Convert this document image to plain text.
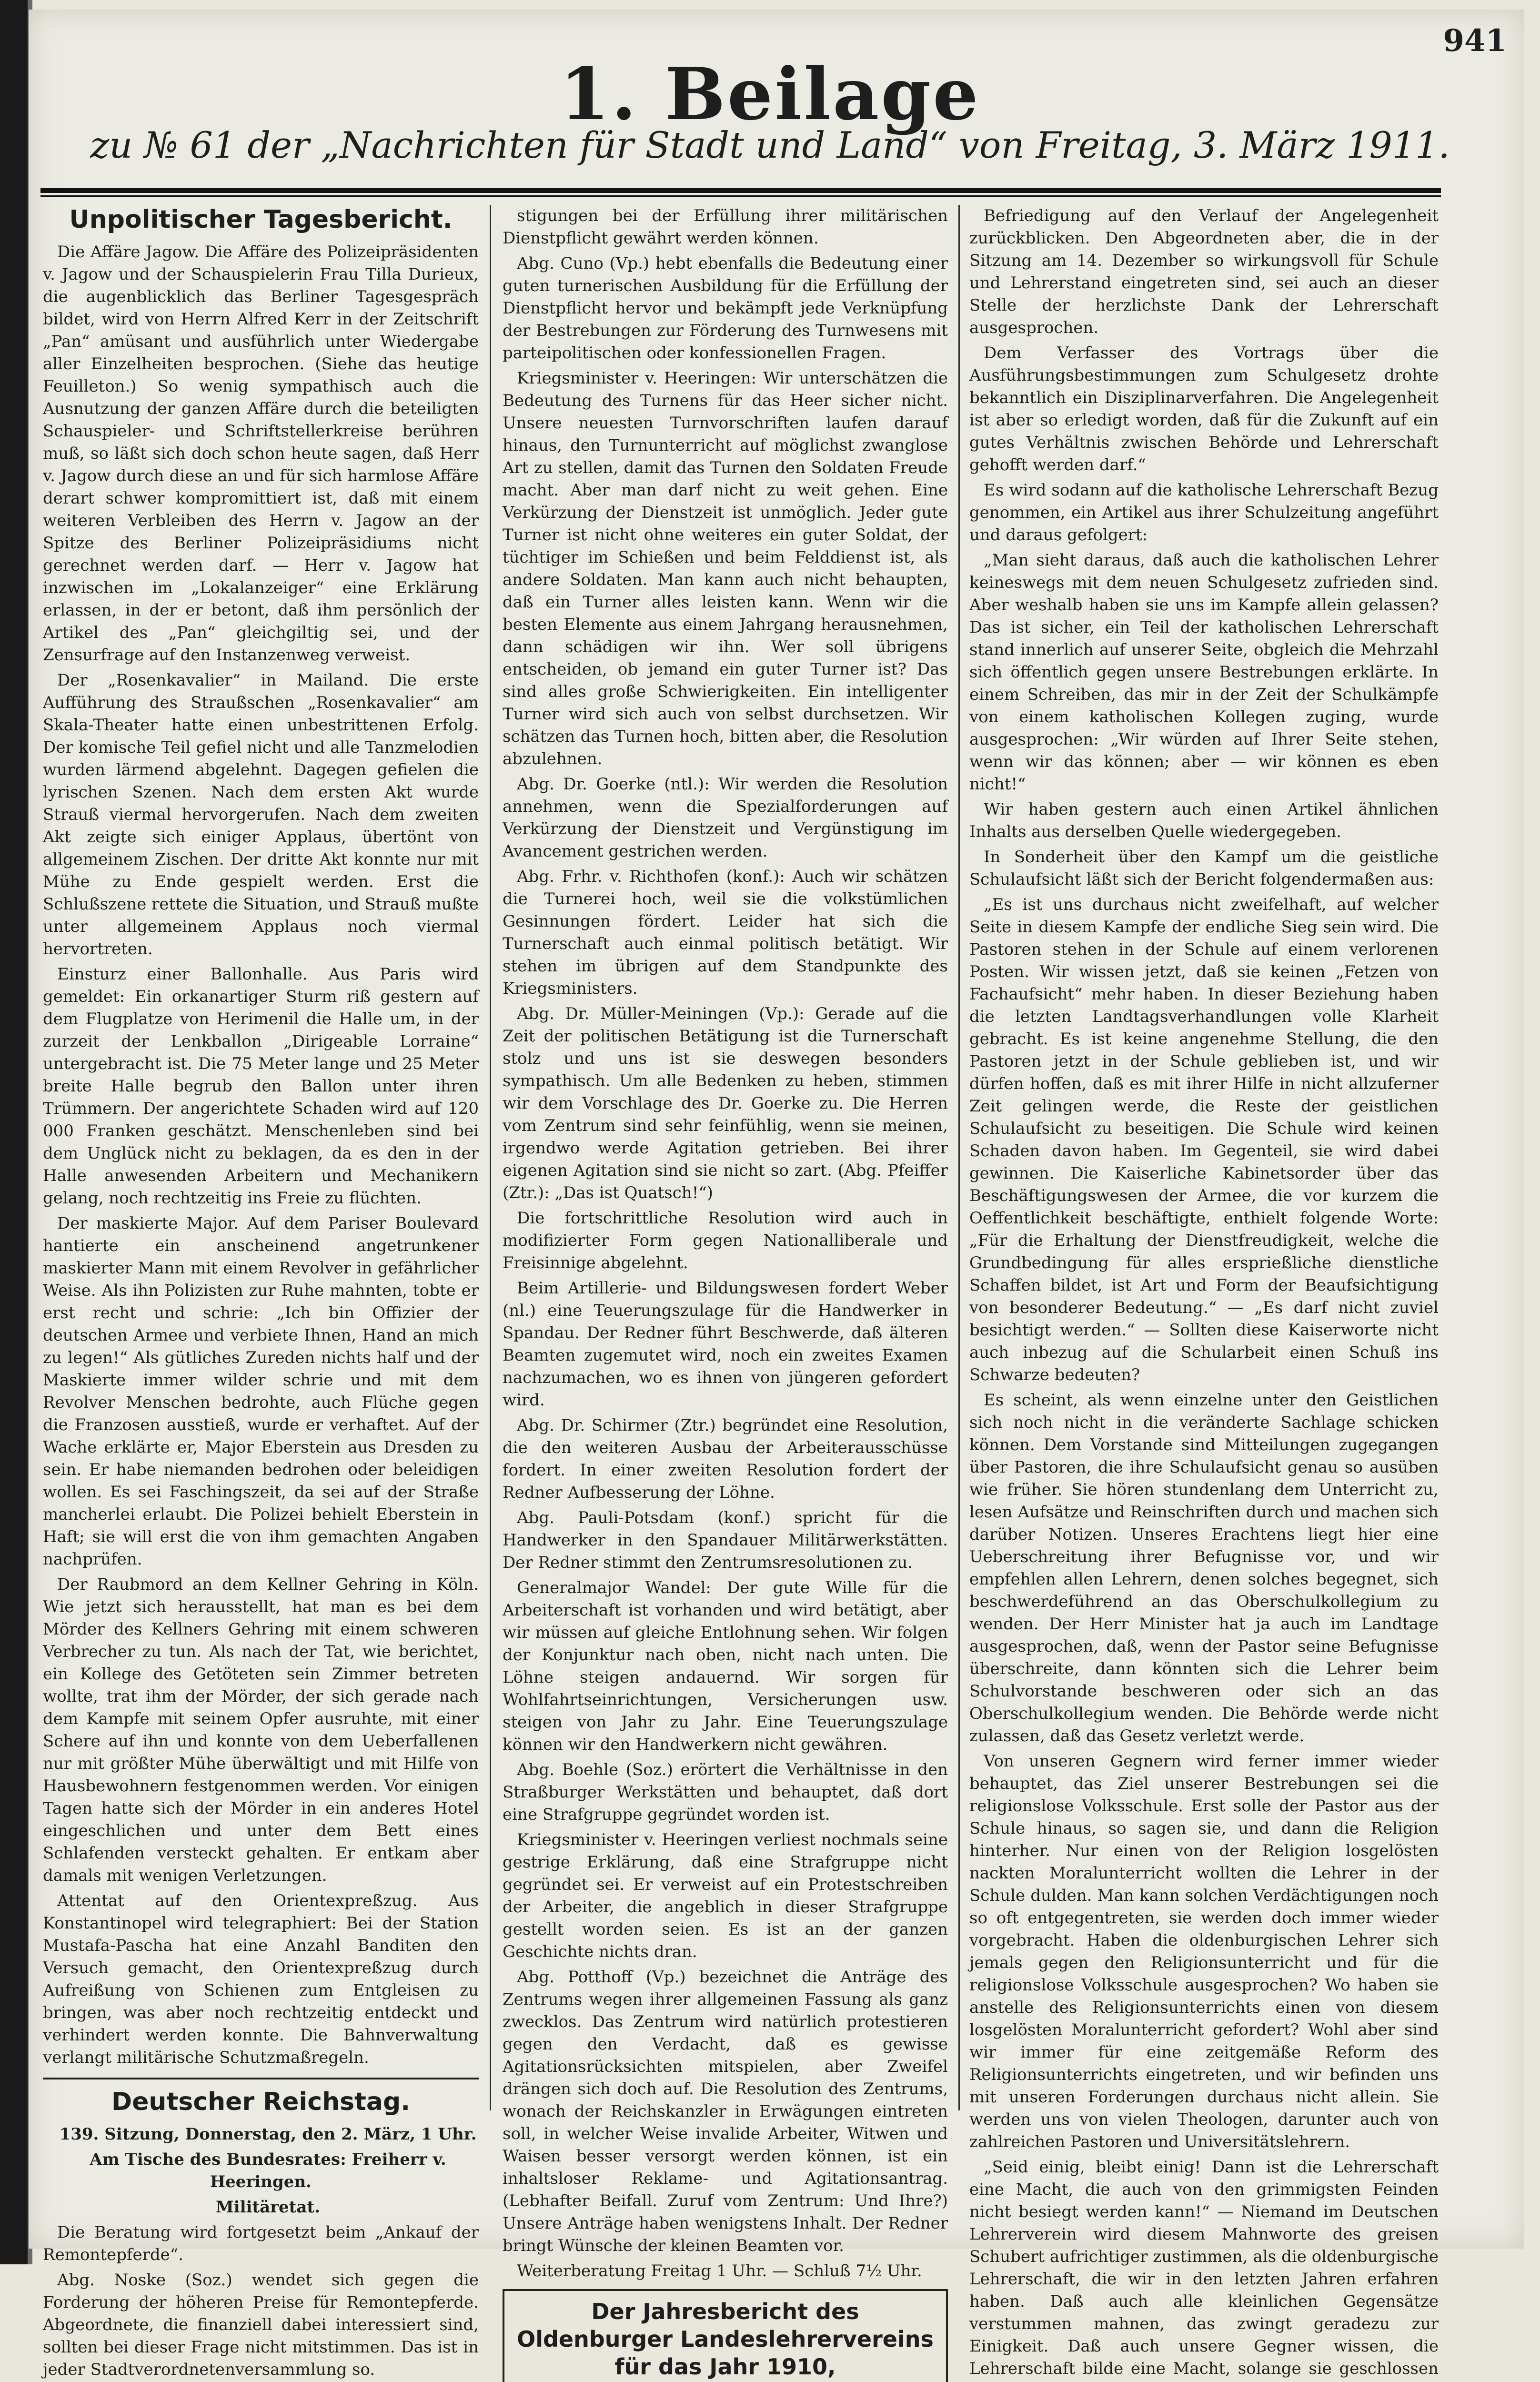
941
1. Beilage
zu № 61 der „Nachrichten für Stadt und Land“ von Freitag, 3. März 1911.
Unpolitischer Tagesbericht.

Die Affäre Jagow. Die Affäre des Polizeipräsidenten v. Jagow und der Schauspielerin Frau Tilla Durieux, die augenblicklich das Berliner Tagesgespräch bildet, wird von Herrn Alfred Kerr in der Zeitschrift „Pan“ amüsant und ausführlich unter Wiedergabe aller Einzelheiten besprochen. (Siehe das heutige Feuilleton.) So wenig sympathisch auch die Ausnutzung der ganzen Affäre durch die beteiligten Schauspieler- und Schriftstellerkreise berühren muß, so läßt sich doch schon heute sagen, daß Herr v. Jagow durch diese an und für sich harmlose Affäre derart schwer kompromittiert ist, daß mit einem weiteren Verbleiben des Herrn v. Jagow an der Spitze des Berliner Polizeipräsidiums nicht gerechnet werden darf. — Herr v. Jagow hat inzwischen im „Lokalanzeiger“ eine Erklärung erlassen, in der er betont, daß ihm persönlich der Artikel des „Pan“ gleichgiltig sei, und der Zensurfrage auf den Instanzenweg verweist.

Der „Rosenkavalier“ in Mailand. Die erste Aufführung des Straußschen „Rosenkavalier“ am Skala-Theater hatte einen unbestrittenen Erfolg. Der komische Teil gefiel nicht und alle Tanzmelodien wurden lärmend abgelehnt. Dagegen gefielen die lyrischen Szenen. Nach dem ersten Akt wurde Strauß viermal hervorgerufen. Nach dem zweiten Akt zeigte sich einiger Applaus, übertönt von allgemeinem Zischen. Der dritte Akt konnte nur mit Mühe zu Ende gespielt werden. Erst die Schlußszene rettete die Situation, und Strauß mußte unter allgemeinem Applaus noch viermal hervortreten.

Einsturz einer Ballonhalle. Aus Paris wird gemeldet: Ein orkanartiger Sturm riß gestern auf dem Flugplatze von Herimenil die Halle um, in der zurzeit der Lenkballon „Dirigeable Lorraine“ untergebracht ist. Die 75 Meter lange und 25 Meter breite Halle begrub den Ballon unter ihren Trümmern. Der angerichtete Schaden wird auf 120 000 Franken geschätzt. Menschenleben sind bei dem Unglück nicht zu beklagen, da es den in der Halle anwesenden Arbeitern und Mechanikern gelang, noch rechtzeitig ins Freie zu flüchten.

Der maskierte Major. Auf dem Pariser Boulevard hantierte ein anscheinend angetrunkener maskierter Mann mit einem Revolver in gefährlicher Weise. Als ihn Polizisten zur Ruhe mahnten, tobte er erst recht und schrie: „Ich bin Offizier der deutschen Armee und verbiete Ihnen, Hand an mich zu legen!“ Als gütliches Zureden nichts half und der Maskierte immer wilder schrie und mit dem Revolver Menschen bedrohte, auch Flüche gegen die Franzosen ausstieß, wurde er verhaftet. Auf der Wache erklärte er, Major Eberstein aus Dresden zu sein. Er habe niemanden bedrohen oder beleidigen wollen. Es sei Faschingszeit, da sei auf der Straße mancherlei erlaubt. Die Polizei behielt Eberstein in Haft; sie will erst die von ihm gemachten Angaben nachprüfen.

Der Raubmord an dem Kellner Gehring in Köln. Wie jetzt sich herausstellt, hat man es bei dem Mörder des Kellners Gehring mit einem schweren Verbrecher zu tun. Als nach der Tat, wie berichtet, ein Kollege des Getöteten sein Zimmer betreten wollte, trat ihm der Mörder, der sich gerade nach dem Kampfe mit seinem Opfer ausruhte, mit einer Schere auf ihn und konnte von dem Ueberfallenen nur mit größter Mühe überwältigt und mit Hilfe von Hausbewohnern festgenommen werden. Vor einigen Tagen hatte sich der Mörder in ein anderes Hotel eingeschlichen und unter dem Bett eines Schlafenden versteckt gehalten. Er entkam aber damals mit wenigen Verletzungen.

Attentat auf den Orientexpreßzug. Aus Konstantinopel wird telegraphiert: Bei der Station Mustafa-Pascha hat eine Anzahl Banditen den Versuch gemacht, den Orientexpreßzug durch Aufreißung von Schienen zum Entgleisen zu bringen, was aber noch rechtzeitig entdeckt und verhindert werden konnte. Die Bahnverwaltung verlangt militärische Schutzmaßregeln.

Deutscher Reichstag.

139. Sitzung, Donnerstag, den 2. März, 1 Uhr.

Am Tische des Bundesrates: Freiherr v. Heeringen.

Militäretat.

Die Beratung wird fortgesetzt beim „Ankauf der Remontepferde“.

Abg. Noske (Soz.) wendet sich gegen die Forderung der höheren Preise für Remontepferde. Abgeordnete, die finanziell dabei interessiert sind, sollten bei dieser Frage nicht mitstimmen. Das ist in jeder Stadtverordnetenversammlung so.

stigungen bei der Erfüllung ihrer militärischen Dienstpflicht gewährt werden können.

Abg. Cuno (Vp.) hebt ebenfalls die Bedeutung einer guten turnerischen Ausbildung für die Erfüllung der Dienstpflicht hervor und bekämpft jede Verknüpfung der Bestrebungen zur Förderung des Turnwesens mit parteipolitischen oder konfessionellen Fragen.

Kriegsminister v. Heeringen: Wir unterschätzen die Bedeutung des Turnens für das Heer sicher nicht. Unsere neuesten Turnvorschriften laufen darauf hinaus, den Turnunterricht auf möglichst zwanglose Art zu stellen, damit das Turnen den Soldaten Freude macht. Aber man darf nicht zu weit gehen. Eine Verkürzung der Dienstzeit ist unmöglich. Jeder gute Turner ist nicht ohne weiteres ein guter Soldat, der tüchtiger im Schießen und beim Felddienst ist, als andere Soldaten. Man kann auch nicht behaupten, daß ein Turner alles leisten kann. Wenn wir die besten Elemente aus einem Jahrgang herausnehmen, dann schädigen wir ihn. Wer soll übrigens entscheiden, ob jemand ein guter Turner ist? Das sind alles große Schwierigkeiten. Ein intelligenter Turner wird sich auch von selbst durchsetzen. Wir schätzen das Turnen hoch, bitten aber, die Resolution abzulehnen.

Abg. Dr. Goerke (ntl.): Wir werden die Resolution annehmen, wenn die Spezialforderungen auf Verkürzung der Dienstzeit und Vergünstigung im Avancement gestrichen werden.

Abg. Frhr. v. Richthofen (konf.): Auch wir schätzen die Turnerei hoch, weil sie die volkstümlichen Gesinnungen fördert. Leider hat sich die Turnerschaft auch einmal politisch betätigt. Wir stehen im übrigen auf dem Standpunkte des Kriegsministers.

Abg. Dr. Müller-Meiningen (Vp.): Gerade auf die Zeit der politischen Betätigung ist die Turnerschaft stolz und uns ist sie deswegen besonders sympathisch. Um alle Bedenken zu heben, stimmen wir dem Vorschlage des Dr. Goerke zu. Die Herren vom Zentrum sind sehr feinfühlig, wenn sie meinen, irgendwo werde Agitation getrieben. Bei ihrer eigenen Agitation sind sie nicht so zart. (Abg. Pfeiffer (Ztr.): „Das ist Quatsch!“)

Die fortschrittliche Resolution wird auch in modifizierter Form gegen Nationalliberale und Freisinnige abgelehnt.

Beim Artillerie- und Bildungswesen fordert Weber (nl.) eine Teuerungszulage für die Handwerker in Spandau. Der Redner führt Beschwerde, daß älteren Beamten zugemutet wird, noch ein zweites Examen nachzumachen, wo es ihnen von jüngeren gefordert wird.

Abg. Dr. Schirmer (Ztr.) begründet eine Resolution, die den weiteren Ausbau der Arbeiterausschüsse fordert. In einer zweiten Resolution fordert der Redner Aufbesserung der Löhne.

Abg. Pauli-Potsdam (konf.) spricht für die Handwerker in den Spandauer Militärwerkstätten. Der Redner stimmt den Zentrumsresolutionen zu.

Generalmajor Wandel: Der gute Wille für die Arbeiterschaft ist vorhanden und wird betätigt, aber wir müssen auf gleiche Entlohnung sehen. Wir folgen der Konjunktur nach oben, nicht nach unten. Die Löhne steigen andauernd. Wir sorgen für Wohlfahrtseinrichtungen, Versicherungen usw. steigen von Jahr zu Jahr. Eine Teuerungszulage können wir den Handwerkern nicht gewähren.

Abg. Boehle (Soz.) erörtert die Verhältnisse in den Straßburger Werkstätten und behauptet, daß dort eine Strafgruppe gegründet worden ist.

Kriegsminister v. Heeringen verliest nochmals seine gestrige Erklärung, daß eine Strafgruppe nicht gegründet sei. Er verweist auf ein Protestschreiben der Arbeiter, die angeblich in dieser Strafgruppe gestellt worden seien. Es ist an der ganzen Geschichte nichts dran.

Abg. Potthoff (Vp.) bezeichnet die Anträge des Zentrums wegen ihrer allgemeinen Fassung als ganz zwecklos. Das Zentrum wird natürlich protestieren gegen den Verdacht, daß es gewisse Agitationsrücksichten mitspielen, aber Zweifel drängen sich doch auf. Die Resolution des Zentrums, wonach der Reichskanzler in Erwägungen eintreten soll, in welcher Weise invalide Arbeiter, Witwen und Waisen besser versorgt werden können, ist ein inhaltsloser Reklame- und Agitationsantrag. (Lebhafter Beifall. Zuruf vom Zentrum: Und Ihre?) Unsere Anträge haben wenigstens Inhalt. Der Redner bringt Wünsche der kleinen Beamten vor.

Weiterberatung Freitag 1 Uhr. — Schluß 7½ Uhr.

Der Jahresbericht des Oldenburger Landeslehrervereins für das Jahr 1910,

Befriedigung auf den Verlauf der Angelegenheit zurückblicken. Den Abgeordneten aber, die in der Sitzung am 14. Dezember so wirkungsvoll für Schule und Lehrerstand eingetreten sind, sei auch an dieser Stelle der herzlichste Dank der Lehrerschaft ausgesprochen.

Dem Verfasser des Vortrags über die Ausführungsbestimmungen zum Schulgesetz drohte bekanntlich ein Disziplinarverfahren. Die Angelegenheit ist aber so erledigt worden, daß für die Zukunft auf ein gutes Verhältnis zwischen Behörde und Lehrerschaft gehofft werden darf.“

Es wird sodann auf die katholische Lehrerschaft Bezug genommen, ein Artikel aus ihrer Schulzeitung angeführt und daraus gefolgert:

„Man sieht daraus, daß auch die katholischen Lehrer keineswegs mit dem neuen Schulgesetz zufrieden sind. Aber weshalb haben sie uns im Kampfe allein gelassen? Das ist sicher, ein Teil der katholischen Lehrerschaft stand innerlich auf unserer Seite, obgleich die Mehrzahl sich öffentlich gegen unsere Bestrebungen erklärte. In einem Schreiben, das mir in der Zeit der Schulkämpfe von einem katholischen Kollegen zuging, wurde ausgesprochen: „Wir würden auf Ihrer Seite stehen, wenn wir das können; aber — wir können es eben nicht!“

Wir haben gestern auch einen Artikel ähnlichen Inhalts aus derselben Quelle wiedergegeben.

In Sonderheit über den Kampf um die geistliche Schulaufsicht läßt sich der Bericht folgendermaßen aus:

„Es ist uns durchaus nicht zweifelhaft, auf welcher Seite in diesem Kampfe der endliche Sieg sein wird. Die Pastoren stehen in der Schule auf einem verlorenen Posten. Wir wissen jetzt, daß sie keinen „Fetzen von Fachaufsicht“ mehr haben. In dieser Beziehung haben die letzten Landtagsverhandlungen volle Klarheit gebracht. Es ist keine angenehme Stellung, die den Pastoren jetzt in der Schule geblieben ist, und wir dürfen hoffen, daß es mit ihrer Hilfe in nicht allzuferner Zeit gelingen werde, die Reste der geistlichen Schulaufsicht zu beseitigen. Die Schule wird keinen Schaden davon haben. Im Gegenteil, sie wird dabei gewinnen. Die Kaiserliche Kabinetsorder über das Beschäftigungswesen der Armee, die vor kurzem die Oeffentlichkeit beschäftigte, enthielt folgende Worte: „Für die Erhaltung der Dienstfreudigkeit, welche die Grundbedingung für alles ersprießliche dienstliche Schaffen bildet, ist Art und Form der Beaufsichtigung von besonderer Bedeutung.“ — „Es darf nicht zuviel besichtigt werden.“ — Sollten diese Kaiserworte nicht auch inbezug auf die Schularbeit einen Schuß ins Schwarze bedeuten?

Es scheint, als wenn einzelne unter den Geistlichen sich noch nicht in die veränderte Sachlage schicken können. Dem Vorstande sind Mitteilungen zugegangen über Pastoren, die ihre Schulaufsicht genau so ausüben wie früher. Sie hören stundenlang dem Unterricht zu, lesen Aufsätze und Reinschriften durch und machen sich darüber Notizen. Unseres Erachtens liegt hier eine Ueberschreitung ihrer Befugnisse vor, und wir empfehlen allen Lehrern, denen solches begegnet, sich beschwerdeführend an das Oberschulkollegium zu wenden. Der Herr Minister hat ja auch im Landtage ausgesprochen, daß, wenn der Pastor seine Befugnisse überschreite, dann könnten sich die Lehrer beim Schulvorstande beschweren oder sich an das Oberschulkollegium wenden. Die Behörde werde nicht zulassen, daß das Gesetz verletzt werde.

Von unseren Gegnern wird ferner immer wieder behauptet, das Ziel unserer Bestrebungen sei die religionslose Volksschule. Erst solle der Pastor aus der Schule hinaus, so sagen sie, und dann die Religion hinterher. Nur einen von der Religion losgelösten nackten Moralunterricht wollten die Lehrer in der Schule dulden. Man kann solchen Verdächtigungen noch so oft entgegentreten, sie werden doch immer wieder vorgebracht. Haben die oldenburgischen Lehrer sich jemals gegen den Religionsunterricht und für die religionslose Volksschule ausgesprochen? Wo haben sie anstelle des Religionsunterrichts einen von diesem losgelösten Moralunterricht gefordert? Wohl aber sind wir immer für eine zeitgemäße Reform des Religionsunterrichts eingetreten, und wir befinden uns mit unseren Forderungen durchaus nicht allein. Sie werden uns von vielen Theologen, darunter auch von zahlreichen Pastoren und Universitätslehrern.

„Seid einig, bleibt einig! Dann ist die Lehrerschaft eine Macht, die auch von den grimmigsten Feinden nicht besiegt werden kann!“ — Niemand im Deutschen Lehrerverein wird diesem Mahnworte des greisen Schubert aufrichtiger zustimmen, als die oldenburgische Lehrerschaft, die wir in den letzten Jahren erfahren haben. Daß auch alle kleinlichen Gegensätze verstummen mahnen, das zwingt geradezu zur Einigkeit. Daß auch unsere Gegner wissen, die Lehrerschaft bilde eine Macht, solange sie geschlossen
